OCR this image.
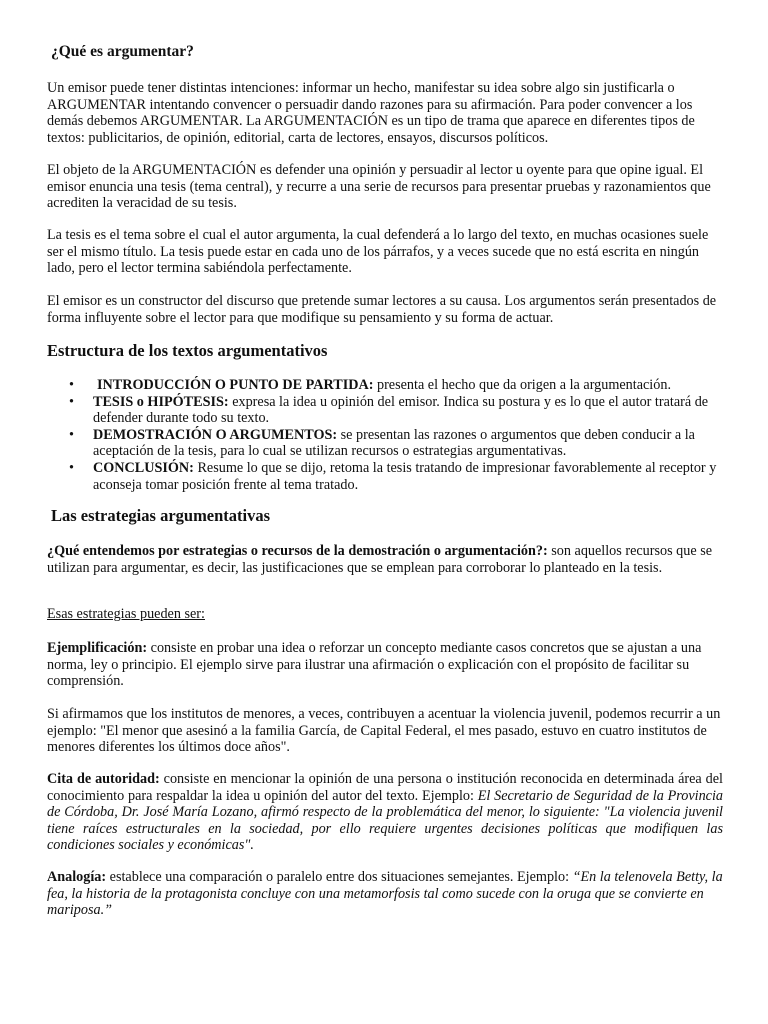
¿Qué es argumentar?

Un emisor puede tener distintas intenciones: informar un hecho, manifestar su idea sobre algo sin justificarla o ARGUMENTAR intentando convencer o persuadir dando razones para su afirmación. Para poder convencer a los demás debemos ARGUMENTAR. La ARGUMENTACIÓN es un tipo de trama que aparece en diferentes tipos de textos: publicitarios, de opinión, editorial, carta de lectores, ensayos, discursos políticos.

El objeto de la ARGUMENTACIÓN es defender una opinión y persuadir al lector u oyente para que opine igual. El emisor enuncia una tesis (tema central), y recurre a una serie de recursos para presentar pruebas y razonamientos que acrediten la veracidad de su tesis.

La tesis es el tema sobre el cual el autor argumenta, la cual defenderá a lo largo del texto, en muchas ocasiones suele ser el mismo título. La tesis puede estar en cada uno de los párrafos, y a veces sucede que no está escrita en ningún lado, pero el lector termina sabiéndola perfectamente.

El emisor es un constructor del discurso que pretende sumar lectores a su causa. Los argumentos serán presentados de forma influyente sobre el lector para que modifique su pensamiento y su forma de actuar.

Estructura de los textos argumentativos
• INTRODUCCIÓN O PUNTO DE PARTIDA: presenta el hecho que da origen a la argumentación.
• TESIS o HIPÓTESIS: expresa la idea u opinión del emisor. Indica su postura y es lo que el autor tratará de defender durante todo su texto.
• DEMOSTRACIÓN O ARGUMENTOS: se presentan las razones o argumentos que deben conducir a la aceptación de la tesis, para lo cual se utilizan recursos o estrategias argumentativas.
• CONCLUSIÓN: Resume lo que se dijo, retoma la tesis tratando de impresionar favorablemente al receptor y aconseja tomar posición frente al tema tratado.
Las estrategias argumentativas

¿Qué entendemos por estrategias o recursos de la demostración o argumentación?: son aquellos recursos que se utilizan para argumentar, es decir, las justificaciones que se emplean para corroborar lo planteado en la tesis.

Esas estrategias pueden ser:

Ejemplificación: consiste en probar una idea o reforzar un concepto mediante casos concretos que se ajustan a una norma, ley o principio. El ejemplo sirve para ilustrar una afirmación o explicación con el propósito de facilitar su comprensión.

Si afirmamos que los institutos de menores, a veces, contribuyen a acentuar la violencia juvenil, podemos recurrir a un ejemplo: "El menor que asesinó a la familia García, de Capital Federal, el mes pasado, estuvo en cuatro institutos de menores diferentes los últimos doce años".

Cita de autoridad: consiste en mencionar la opinión de una persona o institución reconocida en determinada área del conocimiento para respaldar la idea u opinión del autor del texto. Ejemplo: El Secretario de Seguridad de la Provincia de Córdoba, Dr. José María Lozano, afirmó respecto de la problemática del menor, lo siguiente: "La violencia juvenil tiene raíces estructurales en la sociedad, por ello requiere urgentes decisiones políticas que modifiquen las condiciones sociales y económicas".

Analogía: establece una comparación o paralelo entre dos situaciones semejantes. Ejemplo: “En la telenovela Betty, la fea, la historia de la protagonista concluye con una metamorfosis tal como sucede con la oruga que se convierte en mariposa.”
